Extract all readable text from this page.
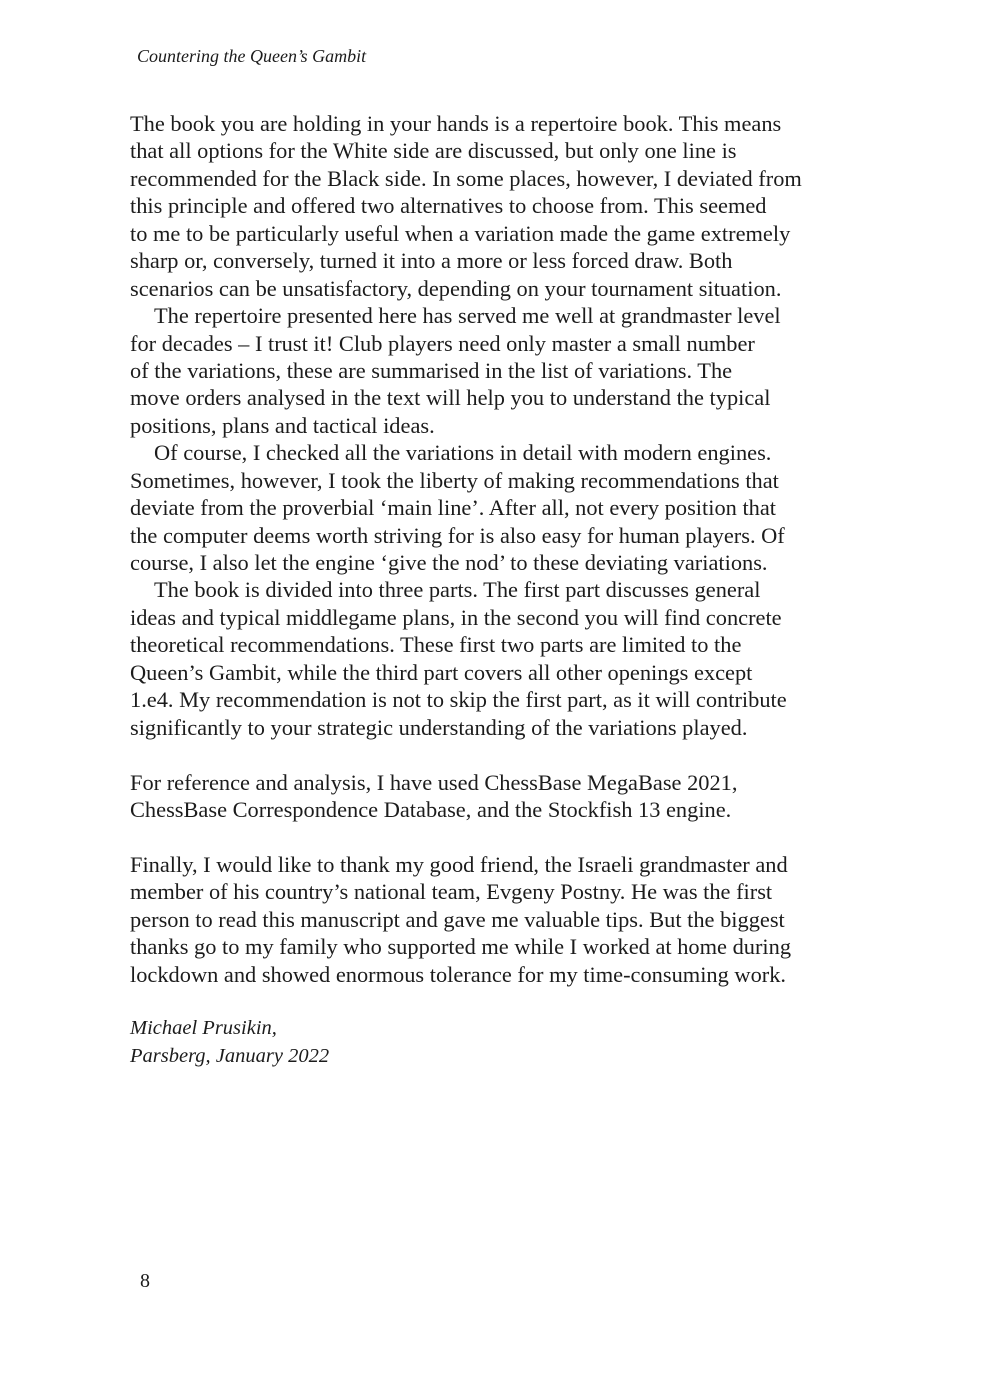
Countering the Queen’s Gambit
The book you are holding in your hands is a repertoire book. This means
that all options for the White side are discussed, but only one line is
recommended for the Black side. In some places, however, I deviated from
this principle and offered two alternatives to choose from. This seemed
to me to be particularly useful when a variation made the game extremely
sharp or, conversely, turned it into a more or less forced draw. Both
scenarios can be unsatisfactory, depending on your tournament situation.
The repertoire presented here has served me well at grandmaster level
for decades – I trust it! Club players need only master a small number
of the variations, these are summarised in the list of variations. The
move orders analysed in the text will help you to understand the typical
positions, plans and tactical ideas.
Of course, I checked all the variations in detail with modern engines.
Sometimes, however, I took the liberty of making recommendations that
deviate from the proverbial ‘main line’. After all, not every position that
the computer deems worth striving for is also easy for human players. Of
course, I also let the engine ‘give the nod’ to these deviating variations.
The book is divided into three parts. The first part discusses general
ideas and typical middlegame plans, in the second you will find concrete
theoretical recommendations. These first two parts are limited to the
Queen’s Gambit, while the third part covers all other openings except
1.e4. My recommendation is not to skip the first part, as it will contribute
significantly to your strategic understanding of the variations played.
For reference and analysis, I have used ChessBase MegaBase 2021,
ChessBase Correspondence Database, and the Stockfish 13 engine.
Finally, I would like to thank my good friend, the Israeli grandmaster and
member of his country’s national team, Evgeny Postny. He was the first
person to read this manuscript and gave me valuable tips. But the biggest
thanks go to my family who supported me while I worked at home during
lockdown and showed enormous tolerance for my time-consuming work.
Michael Prusikin,
Parsberg, January 2022
8
